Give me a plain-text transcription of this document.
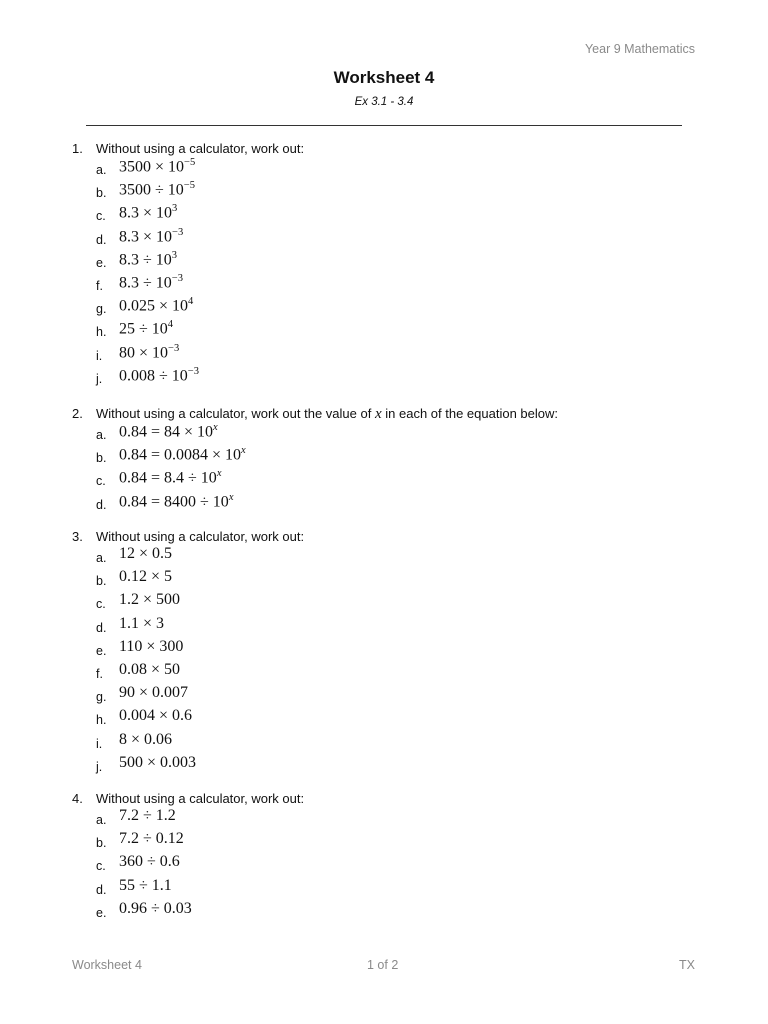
Year 9 Mathematics
Worksheet 4
Ex 3.1 - 3.4
1. Without using a calculator, work out:
a. $3500 \times 10^{-5}$
b. $3500 \div 10^{-5}$
c. $8.3 \times 10^3$
d. $8.3 \times 10^{-3}$
e. $8.3 \div 10^3$
f.	$8.3 \div 10^{-3}$
g. $0.025 \times 10^4$
h. $25 \div 10^4$
i.	$80 \times 10^{-3}$
j.	$0.008 \div 10^{-3}$
2. Without using a calculator, work out the value of x in each of the equation below:
a. $0.84 = 84 \times 10^x$
b. $0.84 = 0.0084 \times 10^x$
c. $0.84 = 8.4 \div 10^x$
d. $0.84 = 8400 \div 10^x$
3. Without using a calculator, work out:
a. 12 × 0.5
b. 0.12 × 5
c. 1.2 × 500
d. 1.1 × 3
e. 110 × 300
f.	0.08 × 50
g. 90 × 0.007
h. 0.004 × 0.6
i.	8 × 0.06
j.	500 × 0.003
4. Without using a calculator, work out:
a. 7.2 ÷ 1.2
b. 7.2 ÷ 0.12
c. 360 ÷ 0.6
d. 55 ÷ 1.1
e. 0.96 ÷ 0.03
Worksheet 4	1 of 2	TX
